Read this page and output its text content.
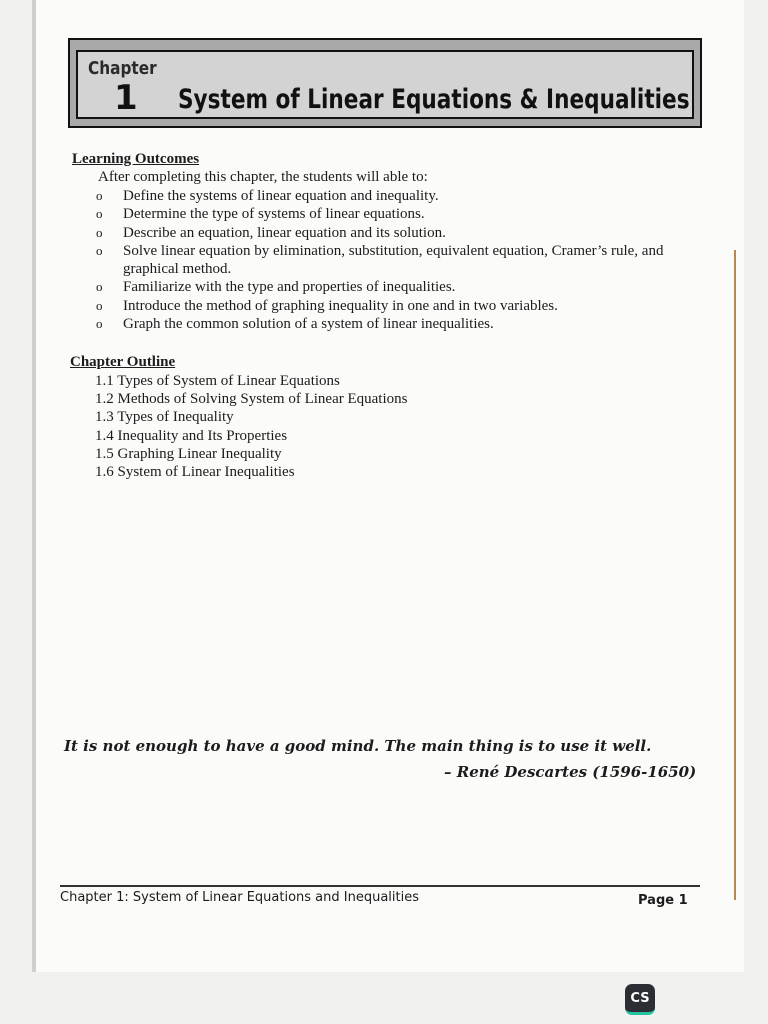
Chapter
1 System of Linear Equations & Inequalities
Learning Outcomes
After completing this chapter, the students will able to:
o Define the systems of linear equation and inequality.
o Determine the type of systems of linear equations.
o Describe an equation, linear equation and its solution.
o Solve linear equation by elimination, substitution, equivalent equation, Cramer’s rule, and graphical method.
o Familiarize with the type and properties of inequalities.
o Introduce the method of graphing inequality in one and in two variables.
o Graph the common solution of a system of linear inequalities.
Chapter Outline
1.1 Types of System of Linear Equations
1.2 Methods of Solving System of Linear Equations
1.3 Types of Inequality
1.4 Inequality and Its Properties
1.5 Graphing Linear Inequality
1.6 System of Linear Inequalities
It is not enough to have a good mind. The main thing is to use it well.
– René Descartes (1596-1650)
Chapter 1: System of Linear Equations and Inequalities	Page 1
CS
